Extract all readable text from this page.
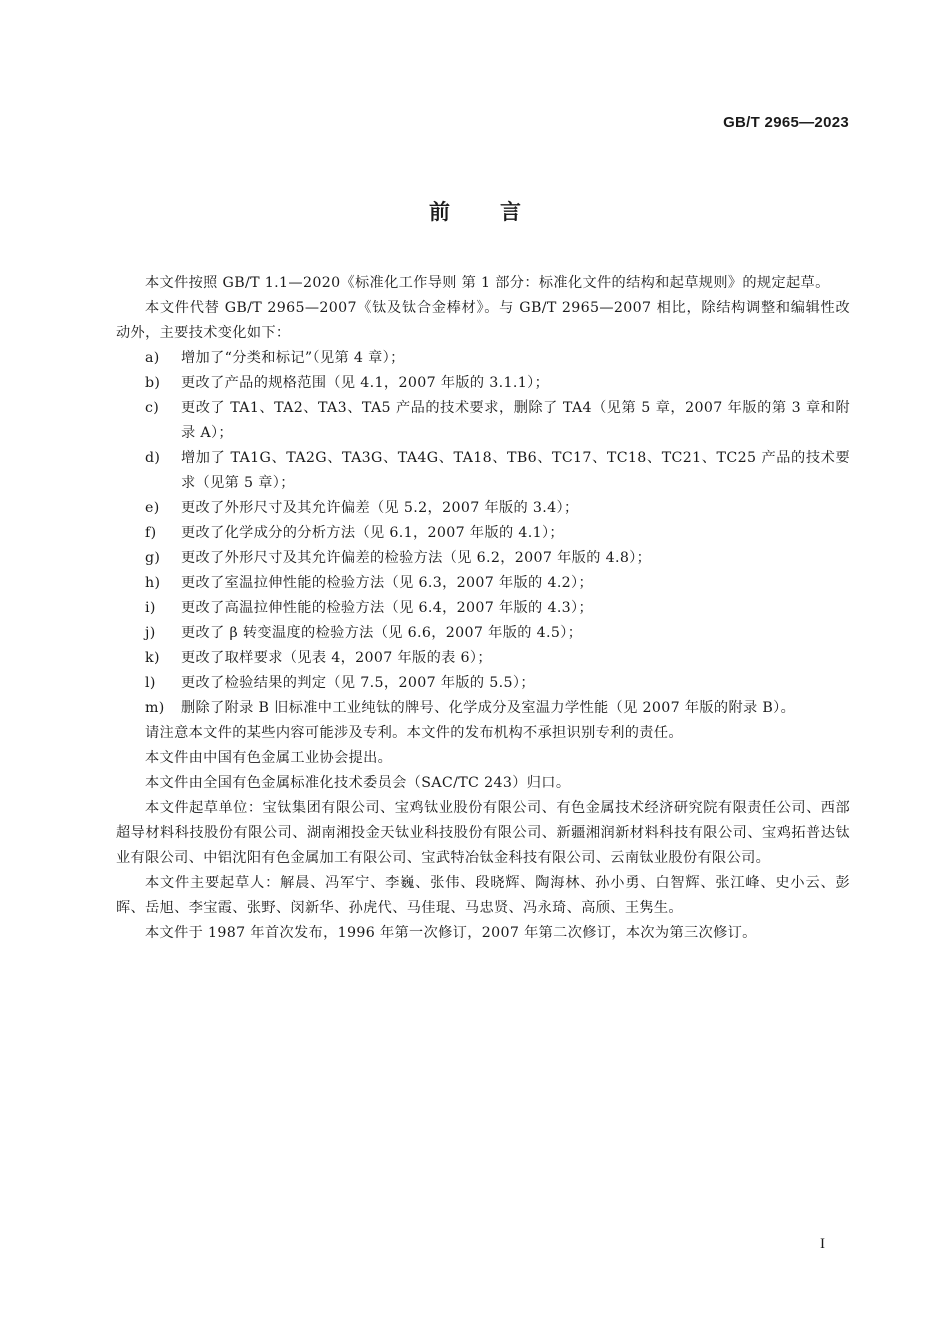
GB/T 2965—2023
前言

本文件按照 GB/T 1.1—2020《标准化工作导则 第 1 部分：标准化文件的结构和起草规则》的规定起草。

本文件代替 GB/T 2965—2007《钛及钛合金棒材》。与 GB/T 2965—2007 相比，除结构调整和编辑性改动外，主要技术变化如下：

a)	增加了“分类和标记”（见第 4 章）；
b)	更改了产品的规格范围（见 4.1，2007 年版的 3.1.1）；
c)	更改了 TA1、TA2、TA3、TA5 产品的技术要求，删除了 TA4（见第 5 章，2007 年版的第 3 章和附录 A）；
d)	增加了 TA1G、TA2G、TA3G、TA4G、TA18、TB6、TC17、TC18、TC21、TC25 产品的技术要求（见第 5 章）；
e)	更改了外形尺寸及其允许偏差（见 5.2，2007 年版的 3.4）；
f)	更改了化学成分的分析方法（见 6.1，2007 年版的 4.1）；
g)	更改了外形尺寸及其允许偏差的检验方法（见 6.2，2007 年版的 4.8）；
h)	更改了室温拉伸性能的检验方法（见 6.3，2007 年版的 4.2）；
i)	更改了高温拉伸性能的检验方法（见 6.4，2007 年版的 4.3）；
j)	更改了 β 转变温度的检验方法（见 6.6，2007 年版的 4.5）；
k)	更改了取样要求（见表 4，2007 年版的表 6）；
l)	更改了检验结果的判定（见 7.5，2007 年版的 5.5）；
m)	删除了附录 B 旧标准中工业纯钛的牌号、化学成分及室温力学性能（见 2007 年版的附录 B）。

请注意本文件的某些内容可能涉及专利。本文件的发布机构不承担识别专利的责任。

本文件由中国有色金属工业协会提出。

本文件由全国有色金属标准化技术委员会（SAC/TC 243）归口。

本文件起草单位：宝钛集团有限公司、宝鸡钛业股份有限公司、有色金属技术经济研究院有限责任公司、西部超导材料科技股份有限公司、湖南湘投金天钛业科技股份有限公司、新疆湘润新材料科技有限公司、宝鸡拓普达钛业有限公司、中铝沈阳有色金属加工有限公司、宝武特冶钛金科技有限公司、云南钛业股份有限公司。

本文件主要起草人：解晨、冯军宁、李巍、张伟、段晓辉、陶海林、孙小勇、白智辉、张江峰、史小云、彭晖、岳旭、李宝霞、张野、闵新华、孙虎代、马佳琨、马忠贤、冯永琦、高颀、王隽生。

本文件于 1987 年首次发布，1996 年第一次修订，2007 年第二次修订，本次为第三次修订。

I
